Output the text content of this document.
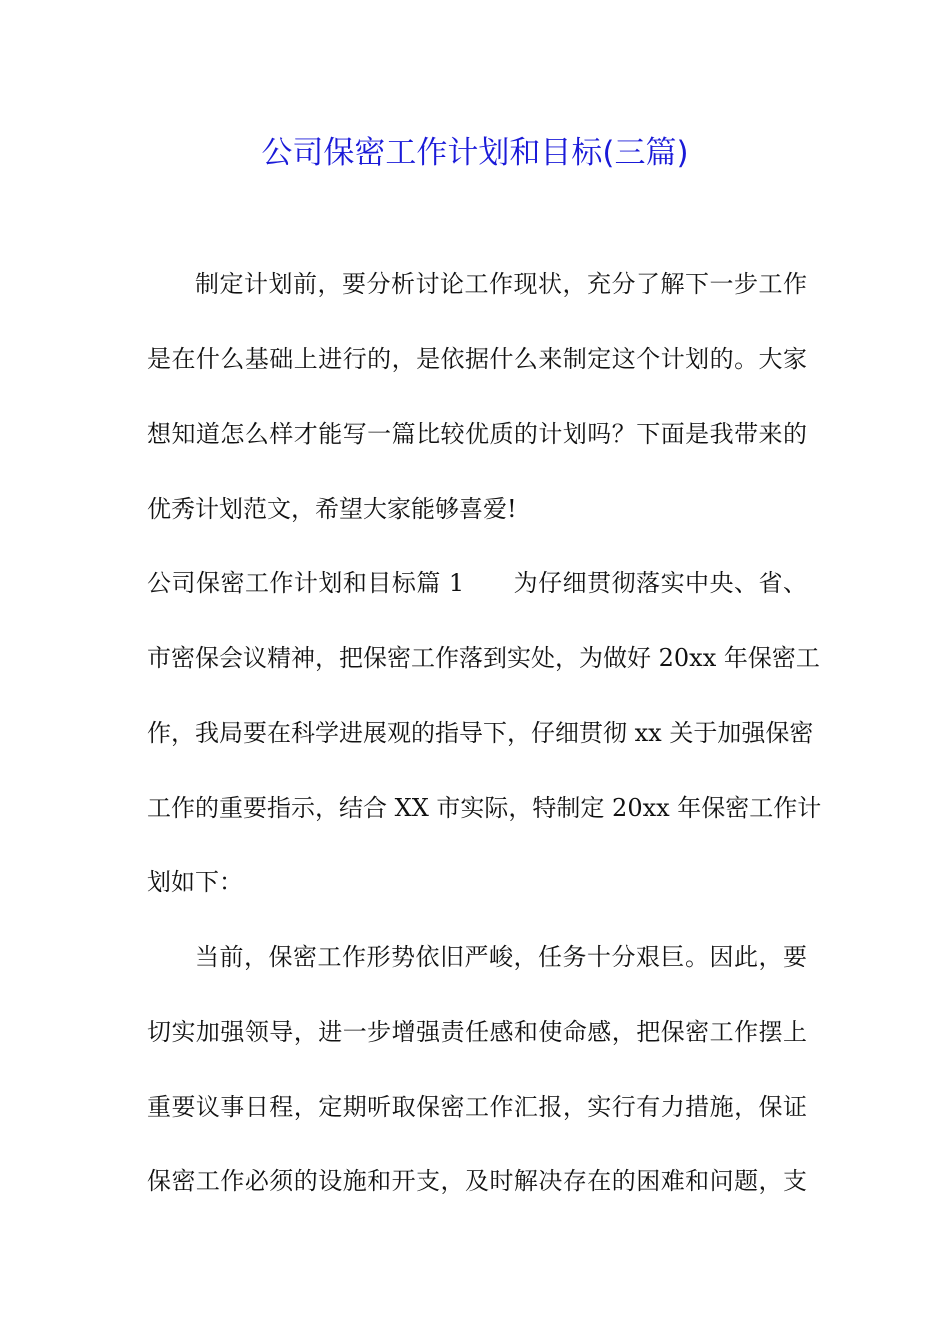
公司保密工作计划和目标(三篇)
制定计划前，要分析讨论工作现状，充分了解下一步工作
是在什么基础上进行的，是依据什么来制定这个计划的。大家
想知道怎么样才能写一篇比较优质的计划吗？下面是我带来的
优秀计划范文，希望大家能够喜爱!
公司保密工作计划和目标篇 1　　为仔细贯彻落实中央、省、
市密保会议精神，把保密工作落到实处，为做好 20xx 年保密工
作，我局要在科学进展观的指导下，仔细贯彻 xx 关于加强保密
工作的重要指示，结合 XX 市实际，特制定 20xx 年保密工作计
划如下：
当前，保密工作形势依旧严峻，任务十分艰巨。因此，要
切实加强领导，进一步增强责任感和使命感，把保密工作摆上
重要议事日程，定期听取保密工作汇报，实行有力措施，保证
保密工作必须的设施和开支，及时解决存在的困难和问题，支
